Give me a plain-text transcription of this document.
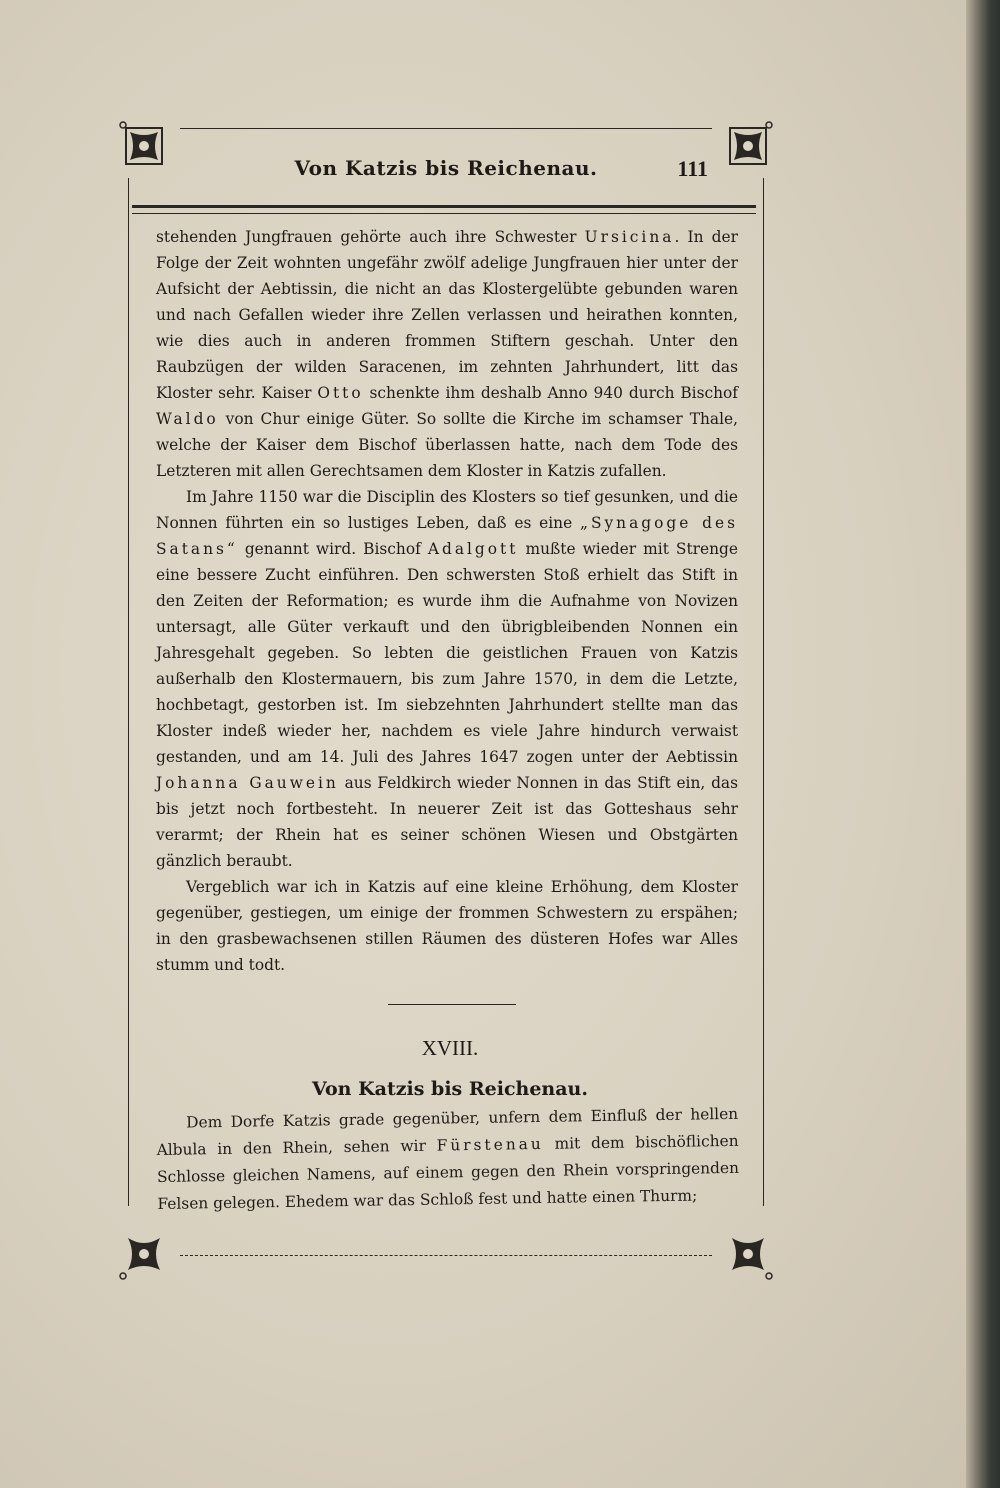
Von Katzis bis Reichenau.	111

stehenden Jungfrauen gehörte auch ihre Schwester Ursicina. In der Folge der Zeit wohnten ungefähr zwölf adelige Jungfrauen hier unter der Aufsicht der Aebtissin, die nicht an das Klostergelübte gebunden waren und nach Gefallen wieder ihre Zellen verlassen und heirathen konnten, wie dies auch in anderen frommen Stiftern geschah. Unter den Raubzügen der wilden Saracenen, im zehnten Jahrhundert, litt das Kloster sehr. Kaiser Otto schenkte ihm deshalb Anno 940 durch Bischof Waldo von Chur einige Güter. So sollte die Kirche im schamser Thale, welche der Kaiser dem Bischof überlassen hatte, nach dem Tode des Letzteren mit allen Gerechtsamen dem Kloster in Katzis zufallen.

Im Jahre 1150 war die Disciplin des Klosters so tief gesunken, und die Nonnen führten ein so lustiges Leben, daß es eine „Synagoge des Satans“ genannt wird. Bischof Adalgott mußte wieder mit Strenge eine bessere Zucht einführen. Den schwersten Stoß erhielt das Stift in den Zeiten der Reformation; es wurde ihm die Aufnahme von Novizen untersagt, alle Güter verkauft und den übrigbleibenden Nonnen ein Jahresgehalt gegeben. So lebten die geistlichen Frauen von Katzis außerhalb den Klostermauern, bis zum Jahre 1570, in dem die Letzte, hochbetagt, gestorben ist. Im siebzehnten Jahrhundert stellte man das Kloster indeß wieder her, nachdem es viele Jahre hindurch verwaist gestanden, und am 14. Juli des Jahres 1647 zogen unter der Aebtissin Johanna Gauwein aus Feldkirch wieder Nonnen in das Stift ein, das bis jetzt noch fortbesteht. In neuerer Zeit ist das Gotteshaus sehr verarmt; der Rhein hat es seiner schönen Wiesen und Obstgärten gänzlich beraubt.

Vergeblich war ich in Katzis auf eine kleine Erhöhung, dem Kloster gegenüber, gestiegen, um einige der frommen Schwestern zu erspähen; in den grasbewachsenen stillen Räumen des düsteren Hofes war Alles stumm und todt.

XVIII.
Von Katzis bis Reichenau.

Dem Dorfe Katzis grade gegenüber, unfern dem Einfluß der hellen Albula in den Rhein, sehen wir Fürstenau mit dem bischöflichen Schlosse gleichen Namens, auf einem gegen den Rhein vorspringenden Felsen gelegen. Ehedem war das Schloß fest und hatte einen Thurm;
